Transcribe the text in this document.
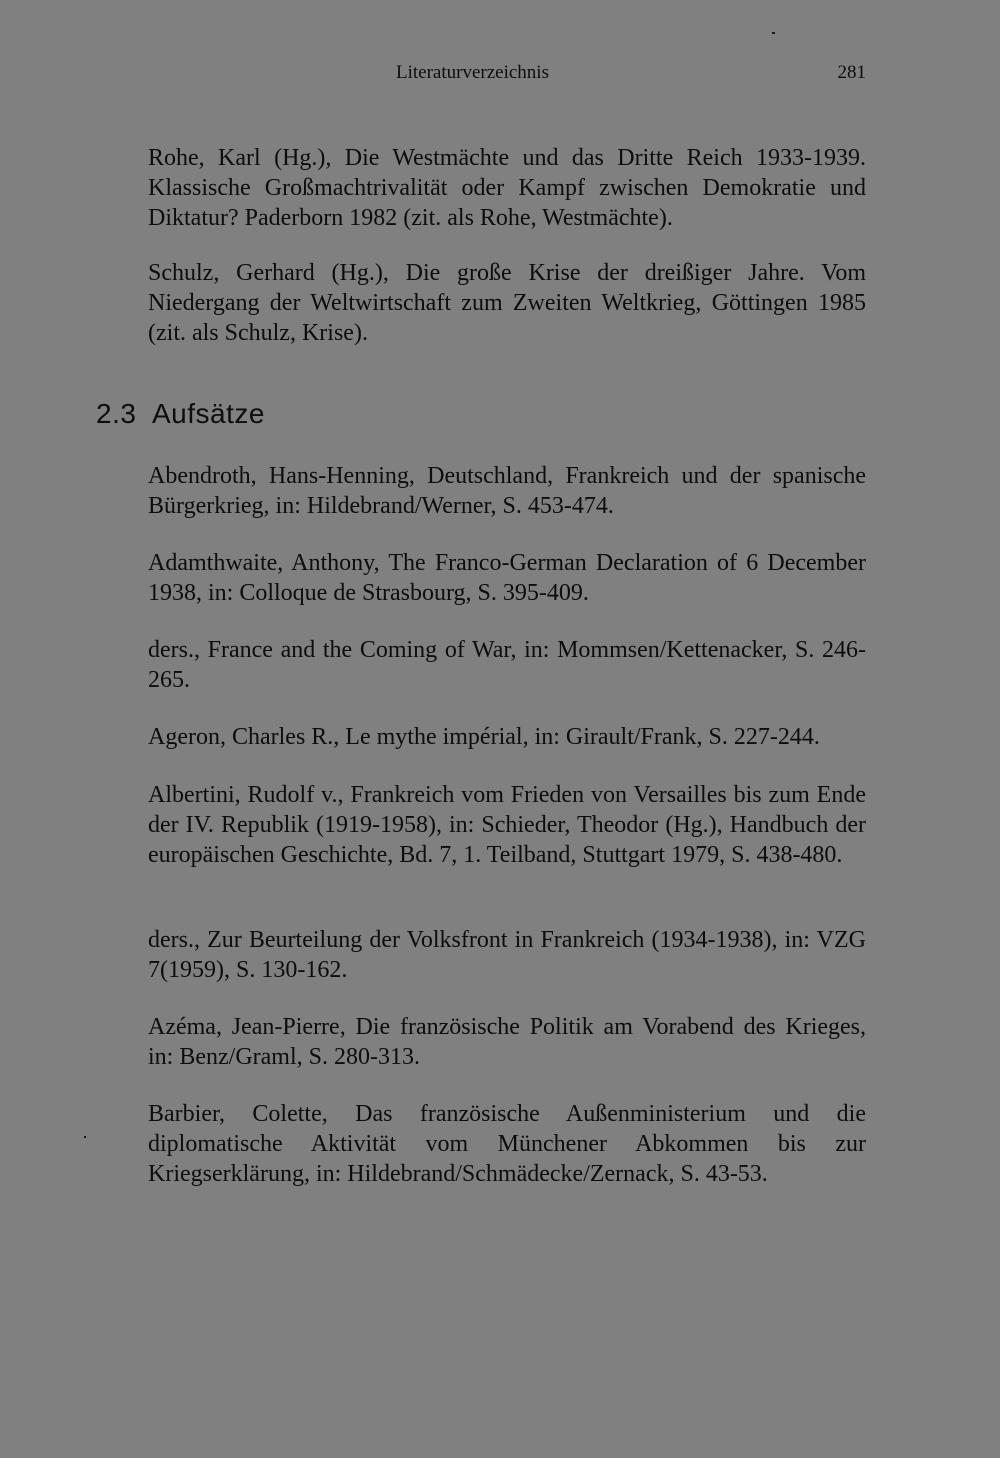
Literaturverzeichnis	281
Rohe, Karl (Hg.), Die Westmächte und das Dritte Reich 1933-1939. Klassische Großmachtrivalität oder Kampf zwischen Demokratie und Diktatur? Paderborn 1982 (zit. als Rohe, Westmächte).
Schulz, Gerhard (Hg.), Die große Krise der dreißiger Jahre. Vom Niedergang der Weltwirtschaft zum Zweiten Weltkrieg, Göttingen 1985 (zit. als Schulz, Krise).
2.3 Aufsätze
Abendroth, Hans-Henning, Deutschland, Frankreich und der spanische Bürgerkrieg, in: Hildebrand/Werner, S. 453-474.
Adamthwaite, Anthony, The Franco-German Declaration of 6 December 1938, in: Colloque de Strasbourg, S. 395-409.
ders., France and the Coming of War, in: Mommsen/Kettenacker, S. 246-265.
Ageron, Charles R., Le mythe impérial, in: Girault/Frank, S. 227-244.
Albertini, Rudolf v., Frankreich vom Frieden von Versailles bis zum Ende der IV. Republik (1919-1958), in: Schieder, Theodor (Hg.), Handbuch der europäischen Geschichte, Bd. 7, 1. Teilband, Stuttgart 1979, S. 438-480.
ders., Zur Beurteilung der Volksfront in Frankreich (1934-1938), in: VZG 7(1959), S. 130-162.
Azéma, Jean-Pierre, Die französische Politik am Vorabend des Krieges, in: Benz/Graml, S. 280-313.
Barbier, Colette, Das französische Außenministerium und die diplomatische Aktivität vom Münchener Abkommen bis zur Kriegserklärung, in: Hildebrand/Schmädecke/Zernack, S. 43-53.
